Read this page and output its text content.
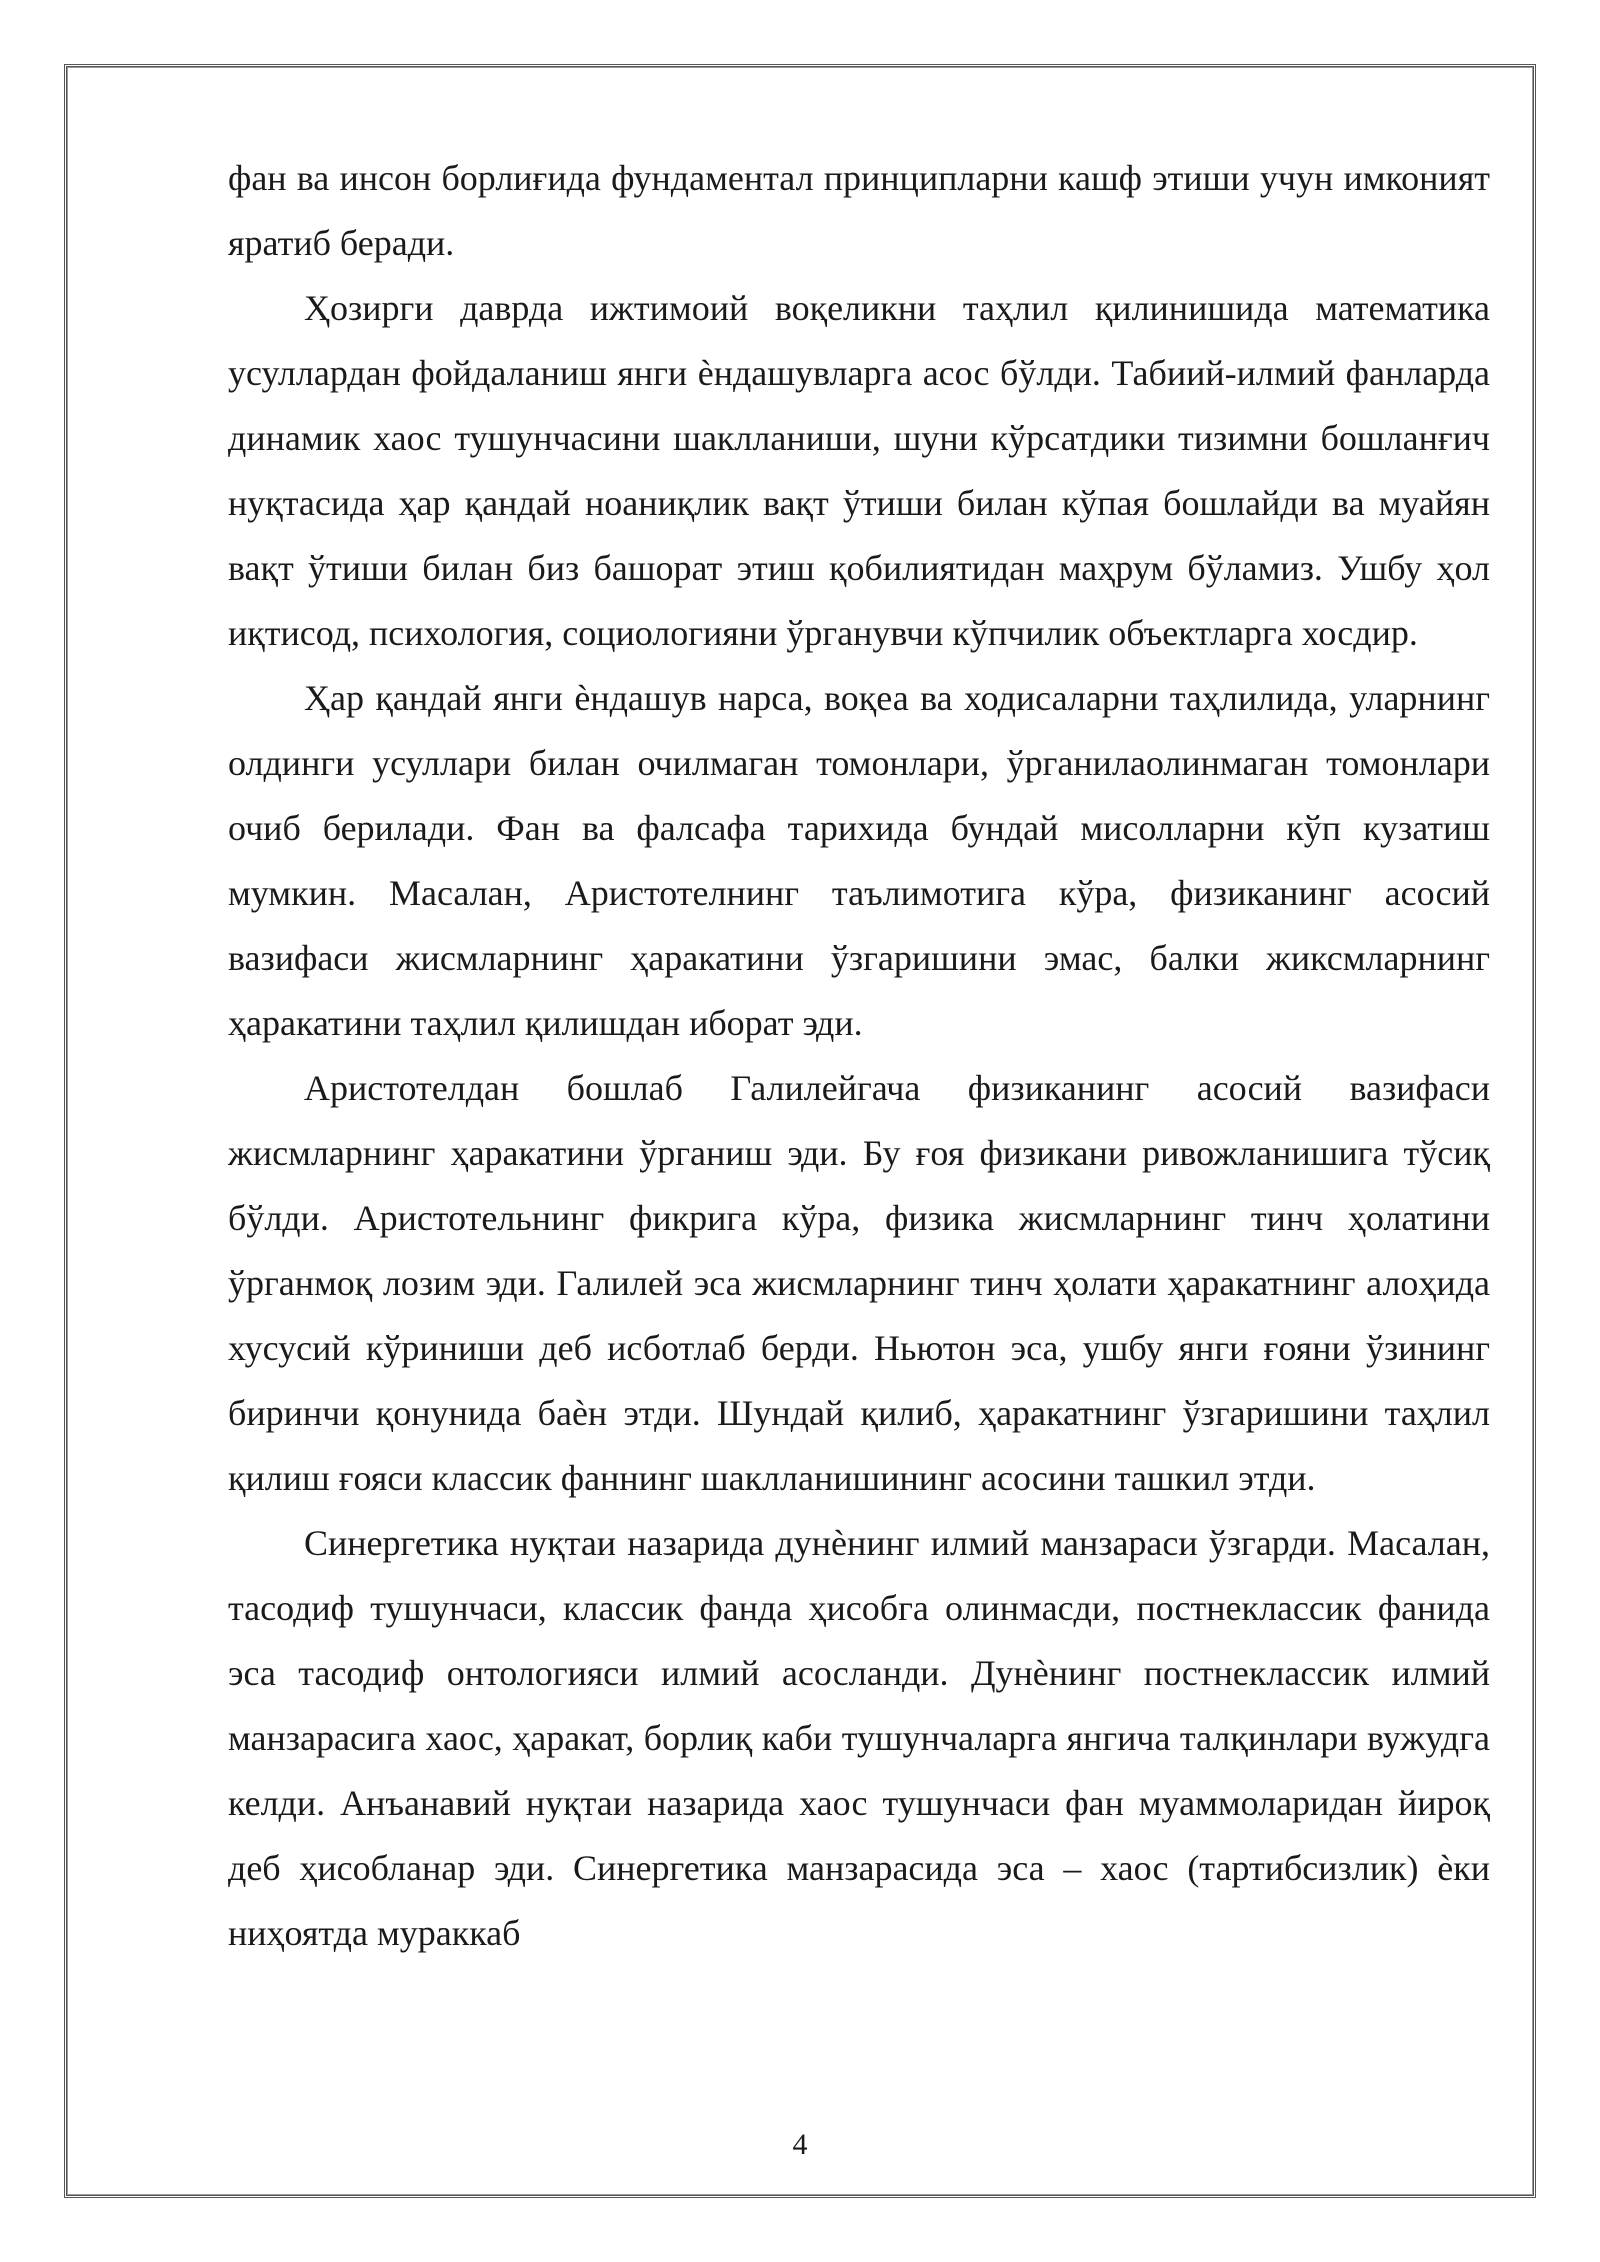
фан ва инсон борлиғида фундаментал принципларни кашф этиши учун имконият яратиб беради.

Ҳозирги даврда ижтимоий воқеликни таҳлил қилинишида математика усуллардан фойдаланиш янги ѐндашувларга асос бўлди. Табиий-илмий фанларда динамик хаос тушунчасини шаклланиши, шуни кўрсатдики тизимни бошланғич нуқтасида ҳар қандай ноаниқлик вақт ўтиши билан кўпая бошлайди ва муайян вақт ўтиши билан биз башорат этиш қобилиятидан маҳрум бўламиз. Ушбу ҳол иқтисод, психология, социологияни ўрганувчи кўпчилик объектларга хосдир.

Ҳар қандай янги ѐндашув нарса, воқеа ва ходисаларни таҳлилида, уларнинг олдинги усуллари билан очилмаган томонлари, ўрганилаолинмаган томонлари очиб берилади. Фан ва фалсафа тарихида бундай мисолларни кўп кузатиш мумкин. Масалан, Аристотелнинг таълимотига кўра, физиканинг асосий вазифаси жисмларнинг ҳаракатини ўзгаришини эмас, балки жиксмларнинг ҳаракатини таҳлил қилишдан иборат эди.

Аристотелдан бошлаб Галилейгача физиканинг асосий вазифаси жисмларнинг ҳаракатини ўрганиш эди. Бу ғоя физикани ривожланишига тўсиқ бўлди. Аристотельнинг фикрига кўра, физика жисмларнинг тинч ҳолатини ўрганмоқ лозим эди. Галилей эса жисмларнинг тинч ҳолати ҳаракатнинг алоҳида хусусий кўриниши деб исботлаб берди. Ньютон эса, ушбу янги ғояни ўзининг биринчи қонунида баѐн этди. Шундай қилиб, ҳаракатнинг ўзгаришини таҳлил қилиш ғояси классик фаннинг шаклланишининг асосини ташкил этди.

Синергетика нуқтаи назарида дунѐнинг илмий манзараси ўзгарди. Масалан, тасодиф тушунчаси, классик фанда ҳисобга олинмасди, постнеклассик фанида эса тасодиф онтологияси илмий асосланди. Дунѐнинг постнеклассик илмий манзарасига хаос, ҳаракат, борлиқ каби тушунчаларга янгича талқинлари вужудга келди. Анъанавий нуқтаи назарида хаос тушунчаси фан муаммоларидан йироқ деб ҳисобланар эди. Синергетика манзарасида эса – хаос (тартибсизлик) ѐки ниҳоятда мураккаб

4
